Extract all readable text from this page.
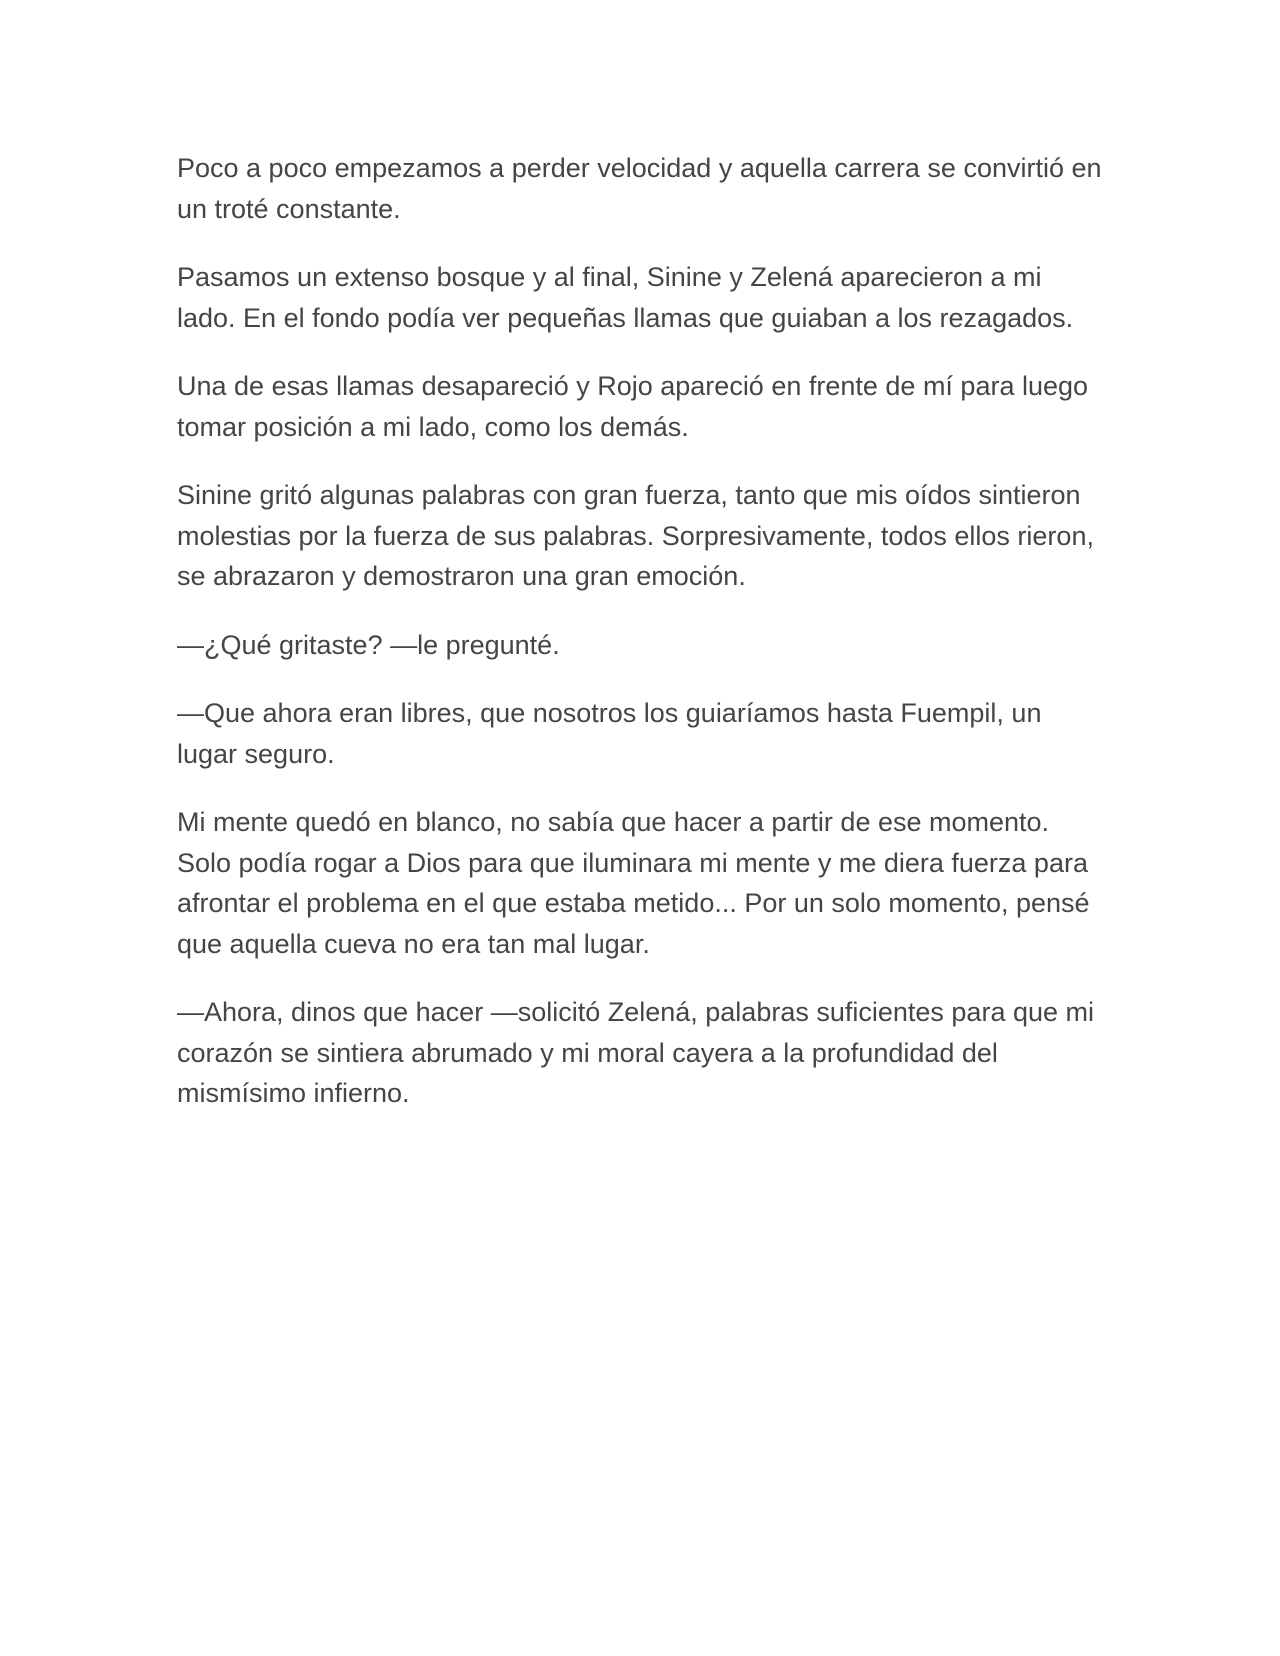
Poco a poco empezamos a perder velocidad y aquella carrera se convirtió en un troté constante.

Pasamos un extenso bosque y al final, Sinine y Zelená aparecieron a mi lado. En el fondo podía ver pequeñas llamas que guiaban a los rezagados.

Una de esas llamas desapareció y Rojo apareció en frente de mí para luego tomar posición a mi lado, como los demás.

Sinine gritó algunas palabras con gran fuerza, tanto que mis oídos sintieron molestias por la fuerza de sus palabras. Sorpresivamente, todos ellos rieron, se abrazaron y demostraron una gran emoción.

—¿Qué gritaste? —le pregunté.

—Que ahora eran libres, que nosotros los guiaríamos hasta Fuempil, un lugar seguro.

Mi mente quedó en blanco, no sabía que hacer a partir de ese momento. Solo podía rogar a Dios para que iluminara mi mente y me diera fuerza para afrontar el problema en el que estaba metido... Por un solo momento, pensé que aquella cueva no era tan mal lugar.

—Ahora, dinos que hacer —solicitó Zelená, palabras suficientes para que mi corazón se sintiera abrumado y mi moral cayera a la profundidad del mismísimo infierno.
